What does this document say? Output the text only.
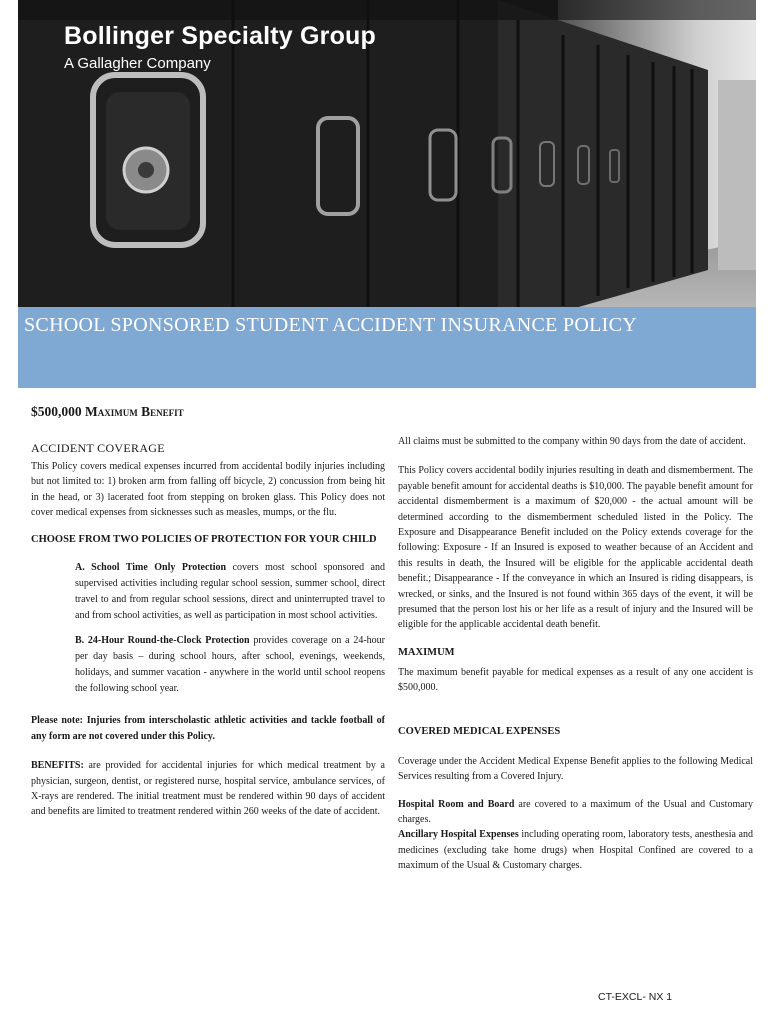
Bollinger Specialty Group
A Gallagher Company
SCHOOL SPONSORED STUDENT ACCIDENT INSURANCE POLICY

$500,000 Maximum Benefit

ACCIDENT COVERAGE

This Policy covers medical expenses incurred from accidental bodily injuries including but not limited to: 1) broken arm from falling off bicycle, 2) concussion from being hit in the head, or 3) lacerated foot from stepping on broken glass. This Policy does not cover medical expenses from sicknesses such as measles, mumps, or the flu.

CHOOSE FROM TWO POLICIES OF PROTECTION FOR YOUR CHILD

A. School Time Only Protection covers most school sponsored and supervised activities including regular school session, summer school, direct travel to and from regular school sessions, direct and uninterrupted travel to and from school activities, as well as participation in most school activities.

B. 24-Hour Round-the-Clock Protection provides coverage on a 24-hour per day basis – during school hours, after school, evenings, weekends, holidays, and summer vacation - anywhere in the world until school reopens the following school year.

Please note: Injuries from interscholastic athletic activities and tackle football of any form are not covered under this Policy.

BENEFITS: are provided for accidental injuries for which medical treatment by a physician, surgeon, dentist, or registered nurse, hospital service, ambulance services, of X-rays are rendered. The initial treatment must be rendered within 90 days of accident and benefits are limited to treatment rendered within 260 weeks of the date of accident.

All claims must be submitted to the company within 90 days from the date of accident.

This Policy covers accidental bodily injuries resulting in death and dismemberment. The payable benefit amount for accidental deaths is $10,000. The payable benefit amount for accidental dismemberment is a maximum of $20,000 - the actual amount will be determined according to the dismemberment scheduled listed in the Policy. The Exposure and Disappearance Benefit included on the Policy extends coverage for the following: Exposure - If an Insured is exposed to weather because of an Accident and this results in death, the Insured will be eligible for the applicable accidental death benefit.; Disappearance - If the conveyance in which an Insured is riding disappears, is wrecked, or sinks, and the Insured is not found within 365 days of the event, it will be presumed that the person lost his or her life as a result of injury and the Insured will be eligible for the applicable accidental death benefit.

MAXIMUM

The maximum benefit payable for medical expenses as a result of any one accident is $500,000.

COVERED MEDICAL EXPENSES

Coverage under the Accident Medical Expense Benefit applies to the following Medical Services resulting from a Covered Injury.

Hospital Room and Board are covered to a maximum of the Usual and Customary charges.

Ancillary Hospital Expenses including operating room, laboratory tests, anesthesia and medicines (excluding take home drugs) when Hospital Confined are covered to a maximum of the Usual & Customary charges.

CT-EXCL- NX 1
